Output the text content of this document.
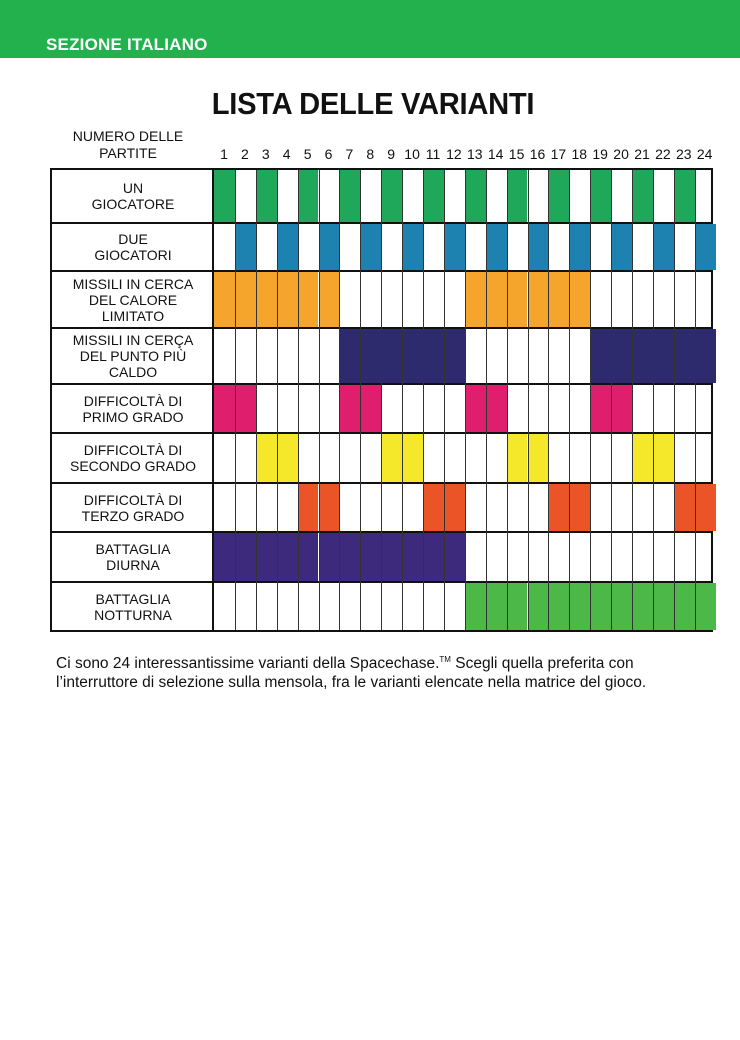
SEZIONE ITALIANO
LISTA DELLE VARIANTI
NUMERO DELLE
PARTITE	1 2 3 4 5 6 7 8 9 10 11 12 13 14 15 16 17 18 19 20 21 22 23 24
UN
GIOCATORE
DUE
GIOCATORI
MISSILI IN CERCA
DEL CALORE
LIMITATO
MISSILI IN CERÇA
DEL PUNTO PIÙ
CALDO
DIFFICOLTÀ DI
PRIMO GRADO
DIFFICOLTÀ DI
SECONDO GRADO
DIFFICOLTÀ DI
TERZO GRADO
BATTAGLIA
DIURNA
BATTAGLIA
NOTTURNA
Ci sono 24 interessantissime varianti della Spacechase.™ Scegli quella preferita con l’interruttore di selezione sulla mensola, fra le varianti elencate nella matrice del gioco.
